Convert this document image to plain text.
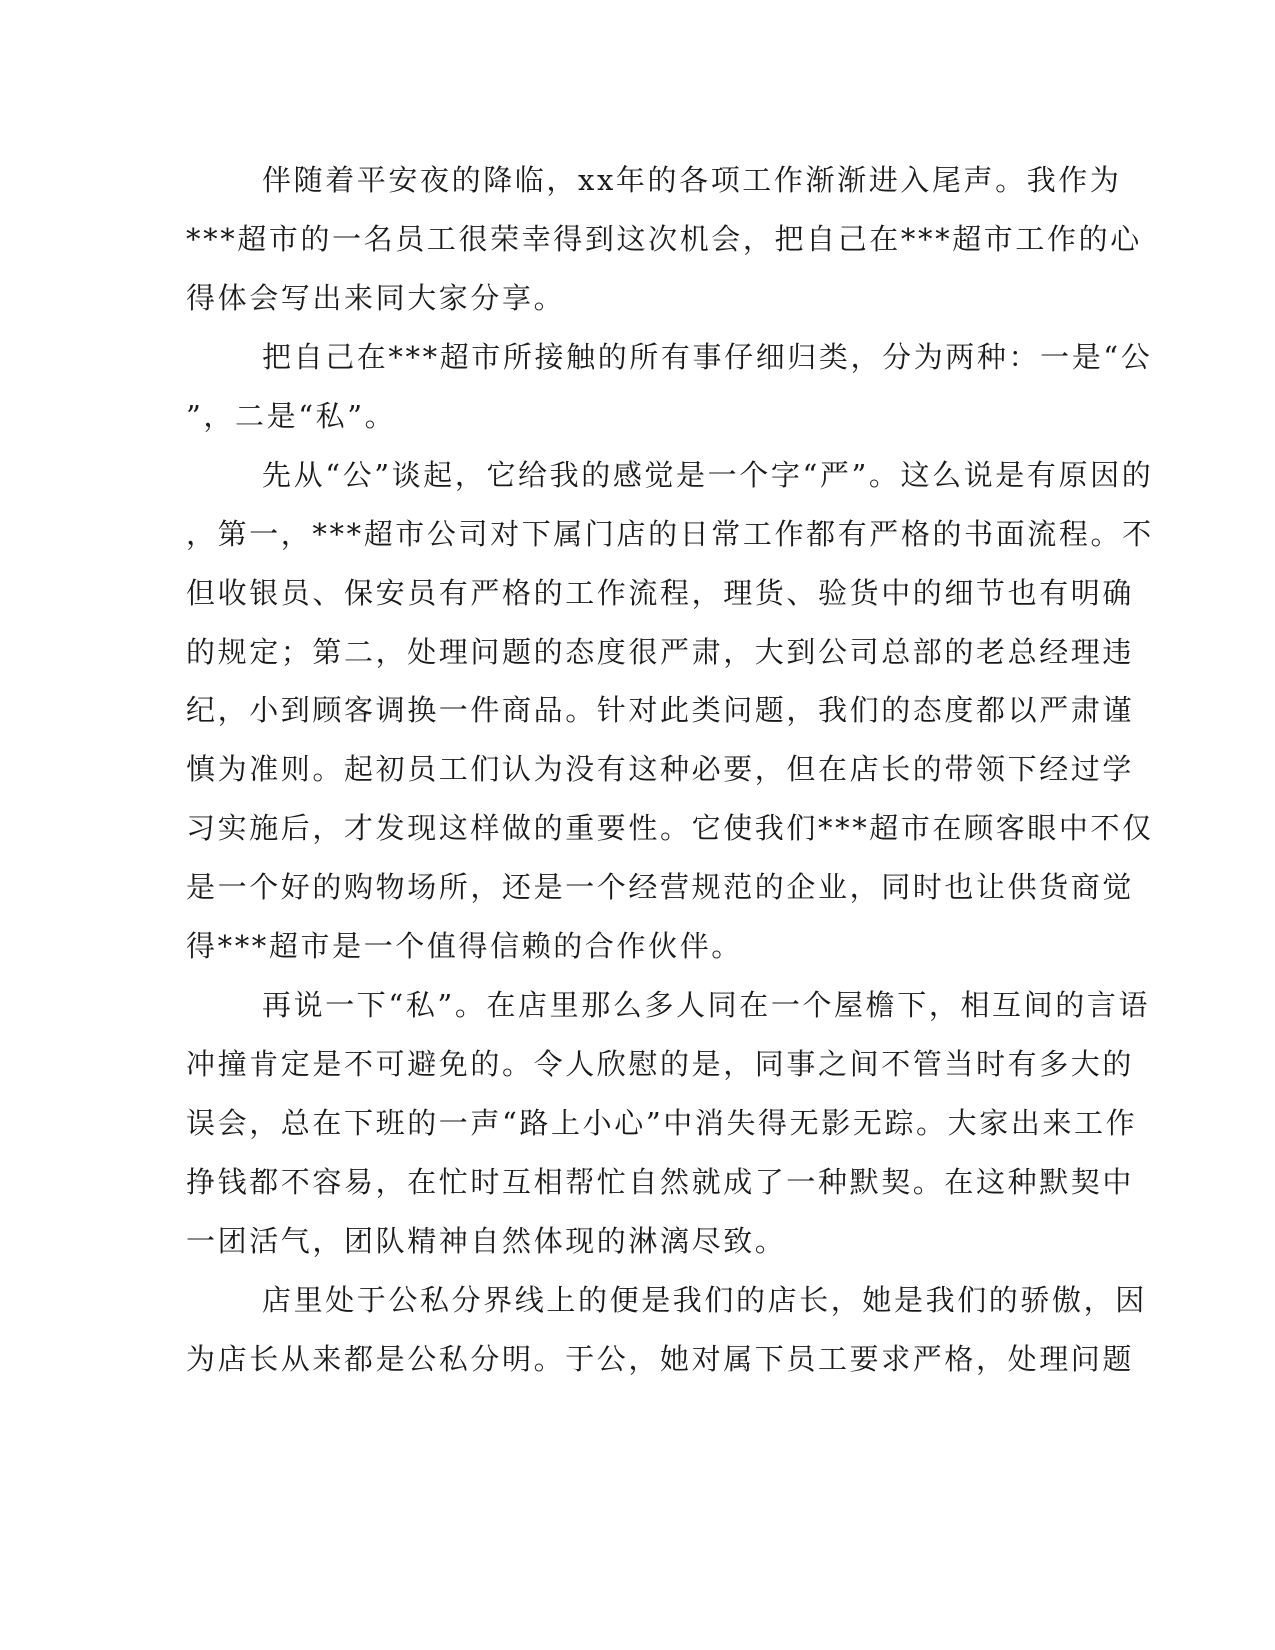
伴随着平安夜的降临，xx年的各项工作渐渐进入尾声。我作为

***超市的一名员工很荣幸得到这次机会，把自己在***超市工作的心

得体会写出来同大家分享。

把自己在***超市所接触的所有事仔细归类，分为两种：一是“公

”，二是“私”。

先从“公”谈起，它给我的感觉是一个字“严”。这么说是有原因的

，第一，***超市公司对下属门店的日常工作都有严格的书面流程。不

但收银员、保安员有严格的工作流程，理货、验货中的细节也有明确

的规定；第二，处理问题的态度很严肃，大到公司总部的老总经理违

纪，小到顾客调换一件商品。针对此类问题，我们的态度都以严肃谨

慎为准则。起初员工们认为没有这种必要，但在店长的带领下经过学

习实施后，才发现这样做的重要性。它使我们***超市在顾客眼中不仅

是一个好的购物场所，还是一个经营规范的企业，同时也让供货商觉

得***超市是一个值得信赖的合作伙伴。

再说一下“私”。在店里那么多人同在一个屋檐下，相互间的言语

冲撞肯定是不可避免的。令人欣慰的是，同事之间不管当时有多大的

误会，总在下班的一声“路上小心”中消失得无影无踪。大家出来工作

挣钱都不容易，在忙时互相帮忙自然就成了一种默契。在这种默契中

一团活气，团队精神自然体现的淋漓尽致。

店里处于公私分界线上的便是我们的店长，她是我们的骄傲，因

为店长从来都是公私分明。于公，她对属下员工要求严格，处理问题
